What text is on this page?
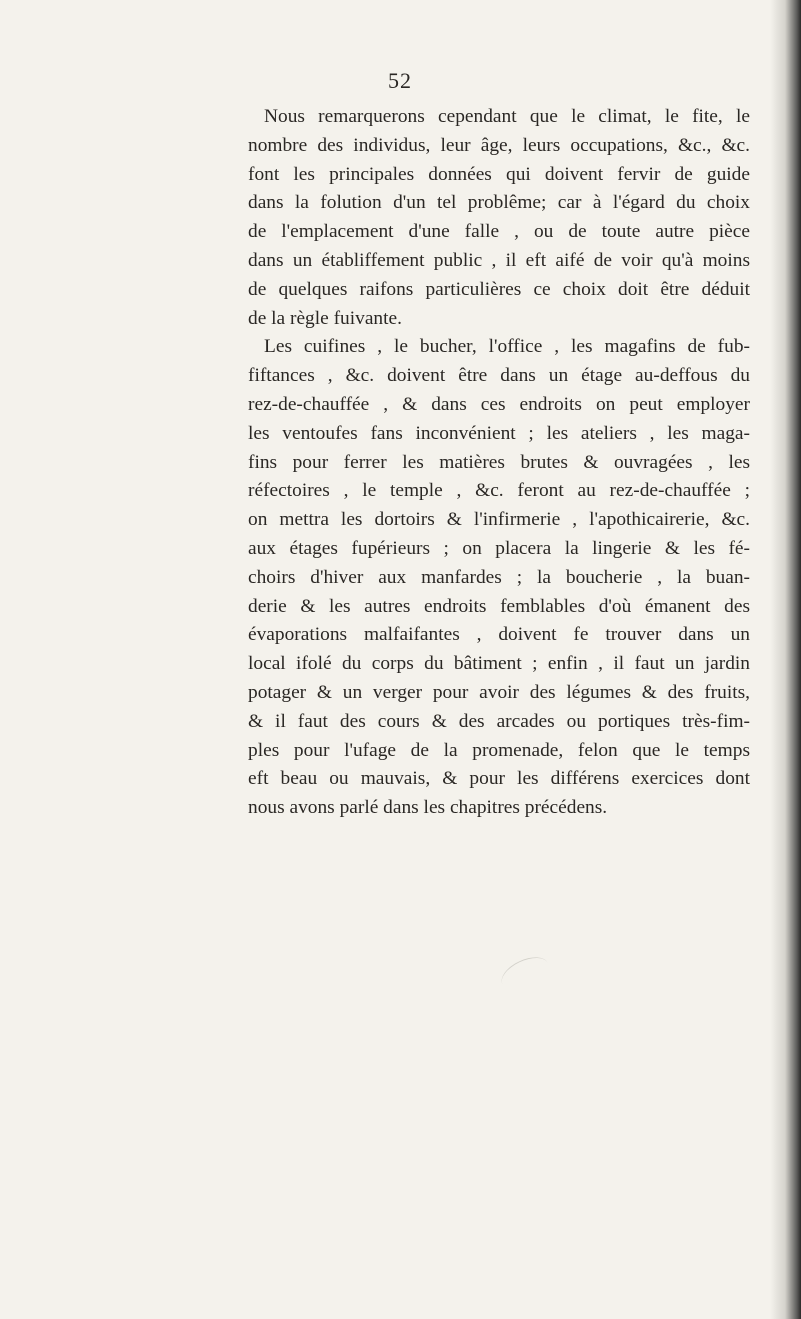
52
Nous remarquerons cependant que le climat, le fite, le
nombre des individus, leur âge, leurs occupations, &c., &c.
font les principales données qui doivent fervir de guide
dans la folution d'un tel problême; car à l'égard du choix
de l'emplacement d'une falle , ou de toute autre pièce
dans un établiffement public , il eft aifé de voir qu'à moins
de quelques raifons particulières ce choix doit être déduit
de la règle fuivante.
Les cuifines , le bucher, l'office , les magafins de fub-
fiftances , &c. doivent être dans un étage au-deffous du
rez-de-chauffée , & dans ces endroits on peut employer
les ventoufes fans inconvénient ; les ateliers , les maga-
fins pour ferrer les matières brutes & ouvragées , les
réfectoires , le temple , &c. feront au rez-de-chauffée ;
on mettra les dortoirs & l'infirmerie , l'apothicairerie, &c.
aux étages fupérieurs ; on placera la lingerie & les fé-
choirs d'hiver aux manfardes ; la boucherie , la buan-
derie & les autres endroits femblables d'où émanent des
évaporations malfaifantes , doivent fe trouver dans un
local ifolé du corps du bâtiment ; enfin , il faut un jardin
potager & un verger pour avoir des légumes & des fruits,
& il faut des cours & des arcades ou portiques très-fim-
ples pour l'ufage de la promenade, felon que le temps
eft beau ou mauvais, & pour les différens exercices dont
nous avons parlé dans les chapitres précédens.
